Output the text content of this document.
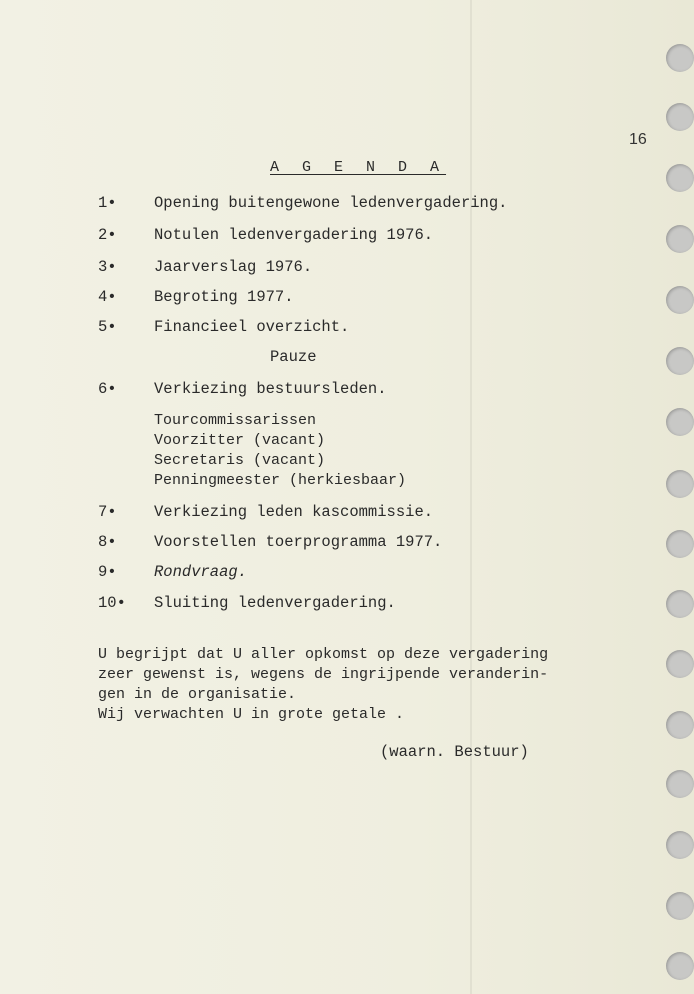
16
A G E N D A
1•	Opening buitengewone ledenvergadering.
2•	Notulen ledenvergadering 1976.
3•	Jaarverslag 1976.
4•	Begroting 1977.
5•	Financieel overzicht.
Pauze
6•	Verkiezing bestuursleden.
Tourcommissarissen
Voorzitter (vacant)
Secretaris (vacant)
Penningmeester (herkiesbaar)
7•	Verkiezing leden kascommissie.
8•	Voorstellen toerprogramma 1977.
9•	Rondvraag.
10•	Sluiting ledenvergadering.
U begrijpt dat U aller opkomst op deze vergadering
zeer gewenst is, wegens de ingrijpende veranderin-
gen in de organisatie.
Wij verwachten U in grote getale .
(waarn. Bestuur)
